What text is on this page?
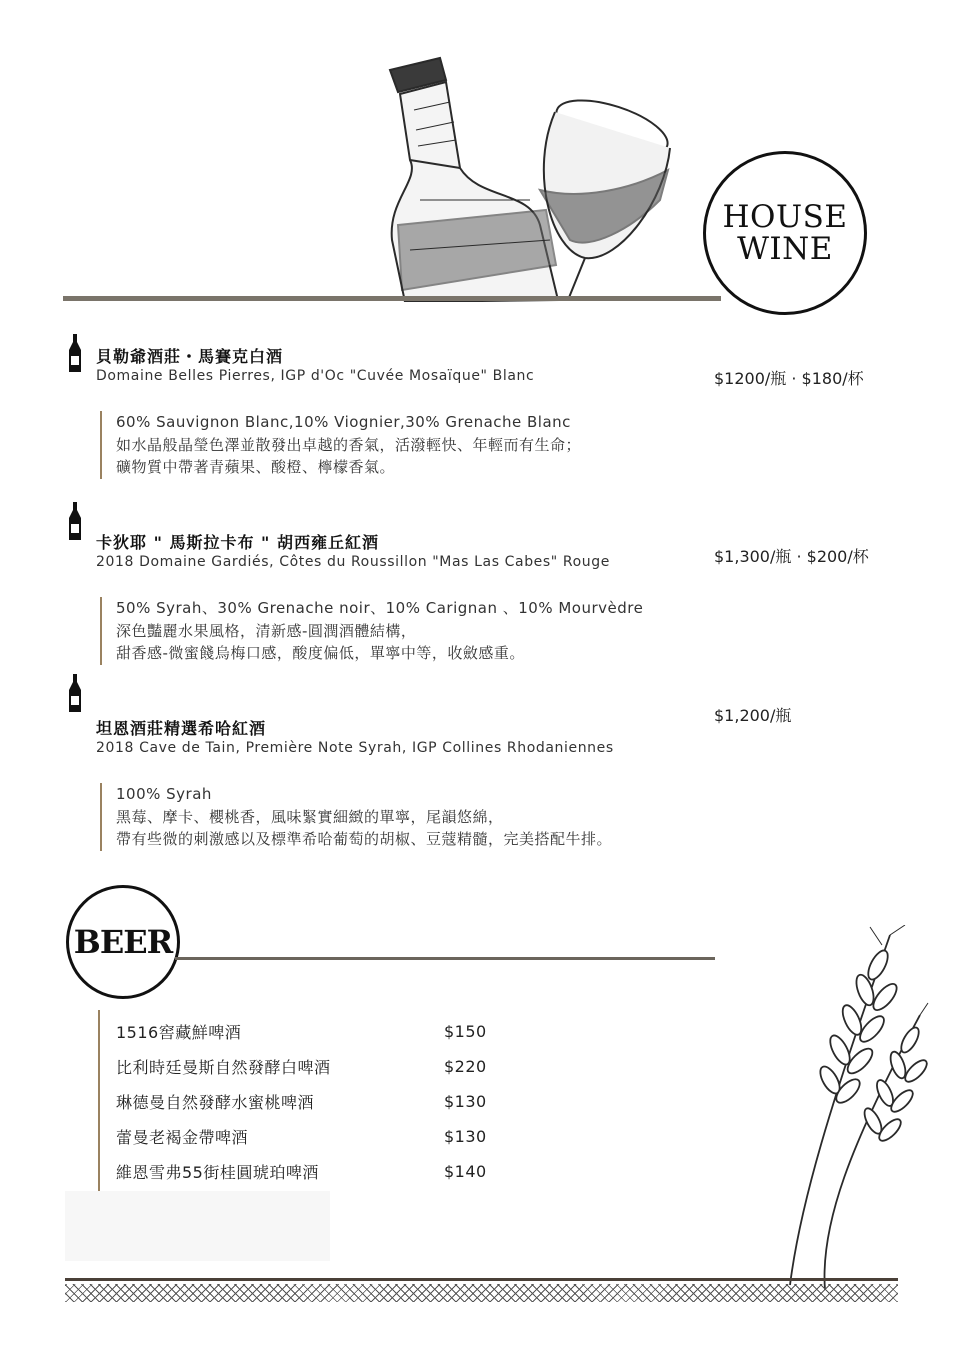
HOUSE
WINE
貝勒爺酒莊・馬賽克白酒
Domaine Belles Pierres, IGP d'Oc "Cuvée Mosaïque" Blanc	$1200/瓶 · $180/杯
60% Sauvignon Blanc,10% Viognier,30% Grenache Blanc
如水晶般晶瑩色澤並散發出卓越的香氣，活潑輕快、年輕而有生命；
礦物質中帶著青蘋果、酸橙、檸檬香氣。
卡狄耶 " 馬斯拉卡布 " 胡西雍丘紅酒
2018 Domaine Gardiés, Côtes du Roussillon "Mas Las Cabes" Rouge	$1,300/瓶 · $200/杯
50% Syrah、30% Grenache noir、10% Carignan 、10% Mourvèdre
深色豔麗水果風格，清新感-圓潤酒體結構，
甜香感-微蜜餞烏梅口感，酸度偏低，單寧中等，收斂感重。
坦恩酒莊精選希哈紅酒
2018 Cave de Tain, Première Note Syrah, IGP Collines Rhodaniennes
$1,200/瓶
100% Syrah
黑莓、摩卡、櫻桃香，風味緊實細緻的單寧，尾韻悠綿，
帶有些微的刺激感以及標準希哈葡萄的胡椒、豆蔻精髓，完美搭配牛排。
BEER
1516窖藏鮮啤酒	$150
比利時廷曼斯自然發酵白啤酒	$220
琳德曼自然發酵水蜜桃啤酒	$130
蕾曼老褐金帶啤酒	$130
維恩雪弗55街桂圓琥珀啤酒	$140
